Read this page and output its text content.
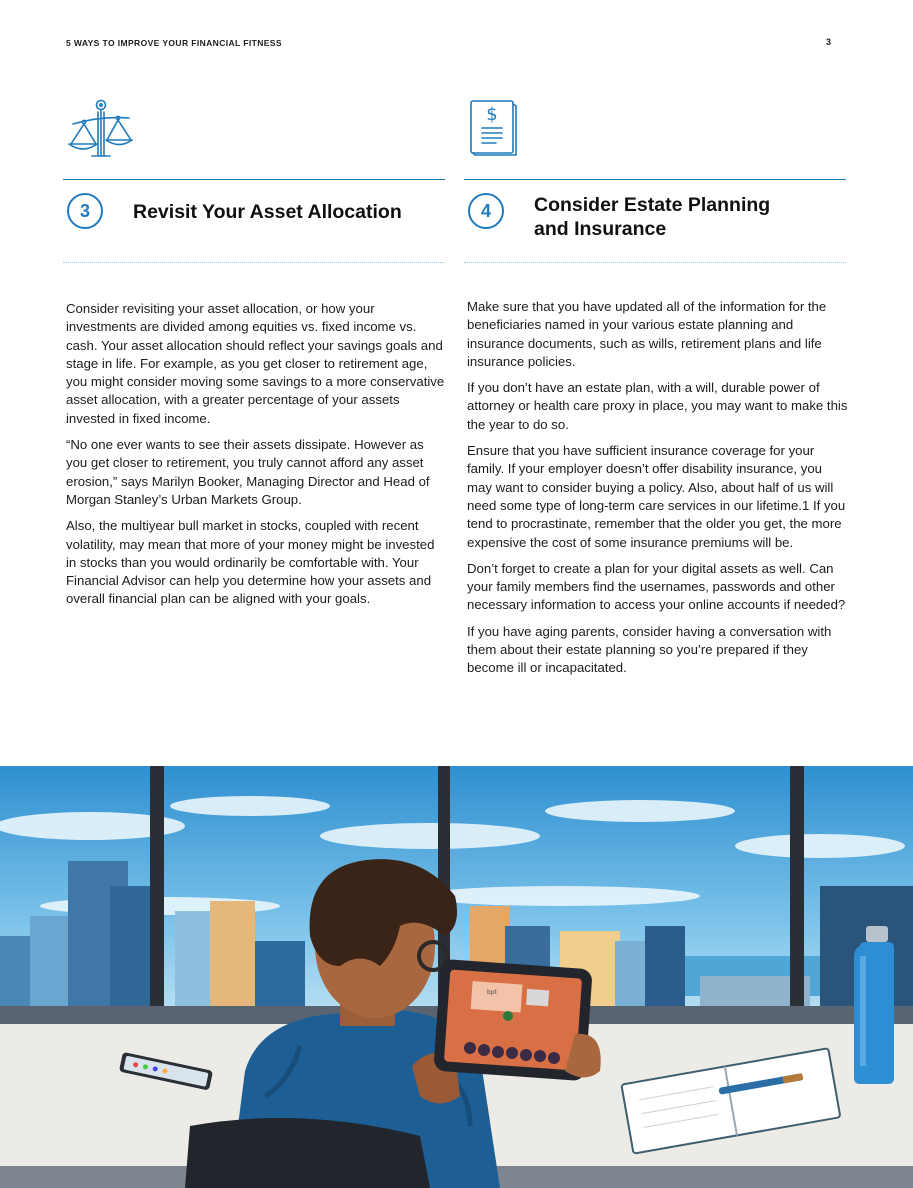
5 WAYS TO IMPROVE YOUR FINANCIAL FITNESS	3
3	Revisit Your Asset Allocation

Consider revisiting your asset allocation, or how your investments are divided among equities vs. fixed income vs. cash. Your asset allocation should reflect your savings goals and stage in life. For example, as you get closer to retirement age, you might consider moving some savings to a more conservative asset allocation, with a greater percentage of your assets invested in fixed income.

“No one ever wants to see their assets dissipate. However as you get closer to retirement, you truly cannot afford any asset erosion,” says Marilyn Booker, Managing Director and Head of Morgan Stanley’s Urban Markets Group.

Also, the multiyear bull market in stocks, coupled with recent volatility, may mean that more of your money might be invested in stocks than you would ordinarily be comfortable with. Your Financial Advisor can help you determine how your assets and overall financial plan can be aligned with your goals.

$
4	Consider Estate Planning
and Insurance

Make sure that you have updated all of the information for the beneficiaries named in your various estate planning and insurance documents, such as wills, retirement plans and life insurance policies.

If you don’t have an estate plan, with a will, durable power of attorney or health care proxy in place, you may want to make this the year to do so.

Ensure that you have sufficient insurance coverage for your family. If your employer doesn’t offer disability insurance, you may want to consider buying a policy. Also, about half of us will need some type of long-term care services in our lifetime.1 If you tend to procrastinate, remember that the older you get, the more expensive the cost of some insurance premiums will be.

Don’t forget to create a plan for your digital assets as well. Can your family members find the usernames, passwords and other necessary information to access your online accounts if needed?

If you have aging parents, consider having a conversation with them about their estate planning so you’re prepared if they become ill or incapacitated.

bpt
